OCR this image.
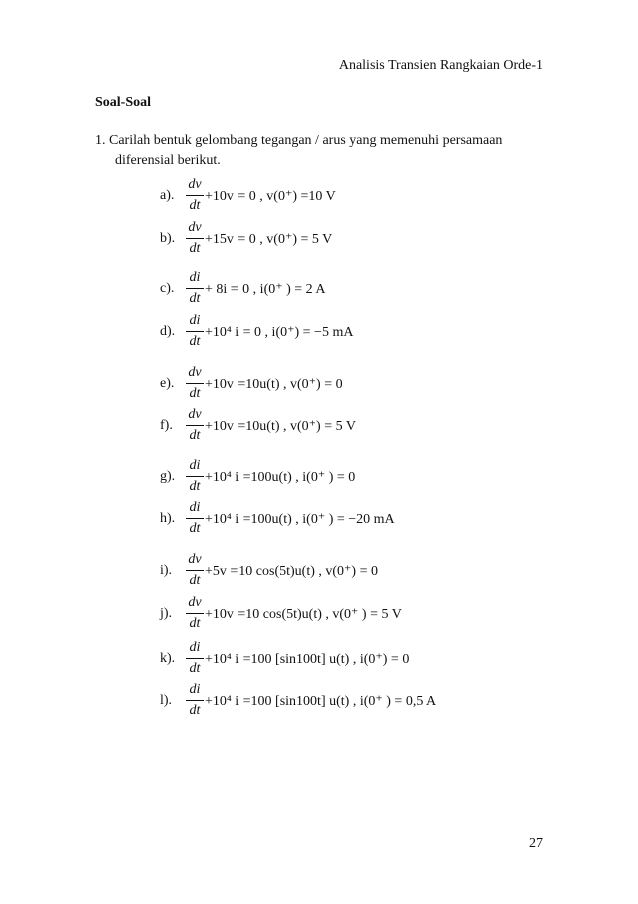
Analisis Transien Rangkaian Orde-1
Soal-Soal
1. Carilah bentuk gelombang tegangan / arus yang memenuhi persamaan
diferensial berikut.
a).
dv
dt
+10v = 0 , v(0⁺) =10 V
b).
dv
dt
+15v = 0 , v(0⁺) = 5 V
c).
di
dt
+ 8i = 0 , i(0⁺ ) = 2 A
d).
di
dt
+10⁴ i = 0 , i(0⁺) = −5 mA
e).
dv
dt
+10v =10u(t) , v(0⁺) = 0
f).
dv
dt
+10v =10u(t) , v(0⁺) = 5 V
g).
di
dt
+10⁴ i =100u(t) , i(0⁺ ) = 0
h).
di
dt
+10⁴ i =100u(t) , i(0⁺ ) = −20 mA
i).
dv
dt
+5v =10 cos(5t)u(t) , v(0⁺) = 0
j).
dv
dt
+10v =10 cos(5t)u(t) , v(0⁺ ) = 5 V
k).
di
dt
+10⁴ i =100 [sin100t] u(t) , i(0⁺) = 0
l).
di
dt
+10⁴ i =100 [sin100t] u(t) , i(0⁺ ) = 0,5 A
27
